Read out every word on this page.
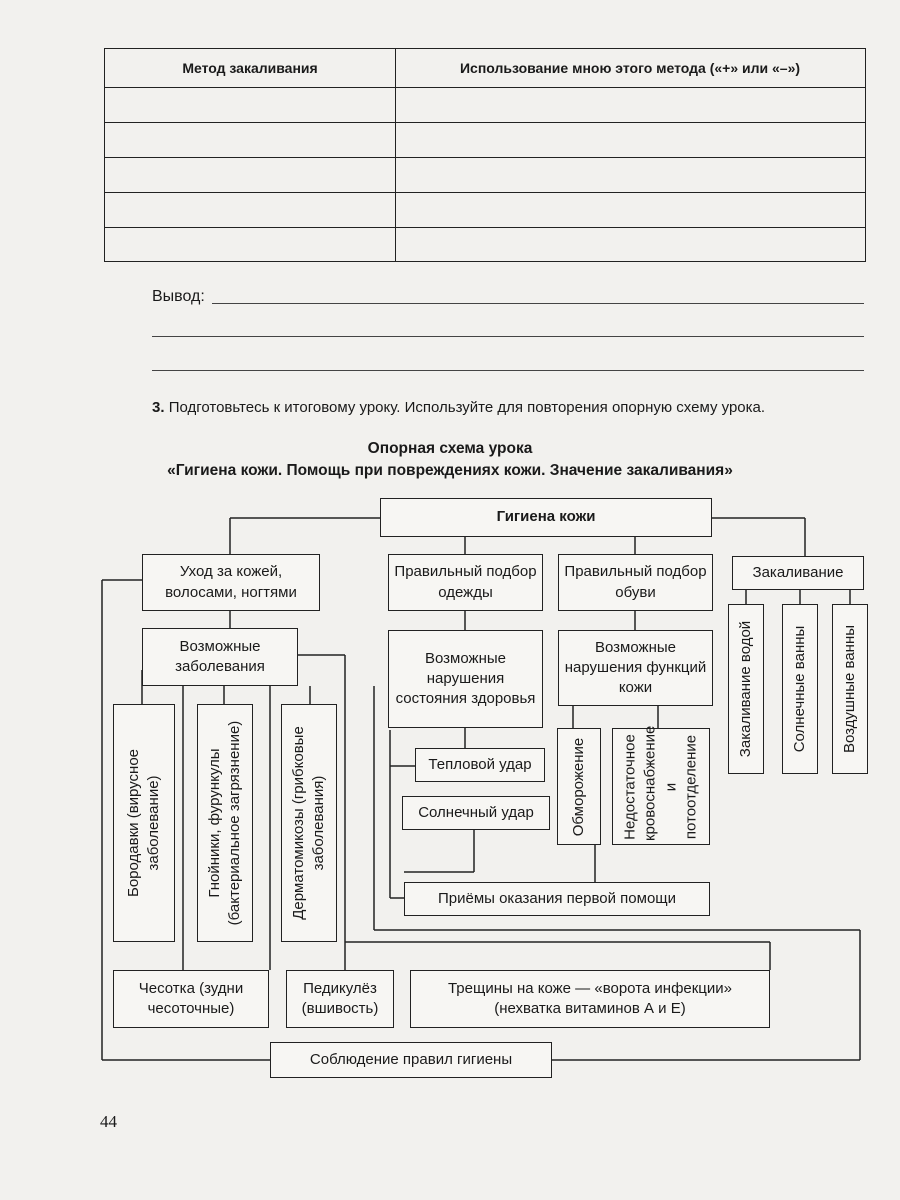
Метод закаливания	Использование мною этого метода («+» или «–»)
Вывод:
3. Подготовьтесь к итоговому уроку. Используйте для повторения опорную схему урока.
Опорная схема урока
«Гигиена кожи. Помощь при повреждениях кожи. Значение закаливания»
Гигиена кожи
Уход за кожей, волосами, ногтями
Возможные заболевания
Бородавки (вирусное заболевание)	Гнойники, фурункулы (бактериальное загрязнение)	Дерматомикозы (грибковые заболевания)
Чесотка (зудни чесоточные)
Педикулёз (вшивость)
Трещины на коже — «ворота инфекции» (нехватка витаминов А и Е)
Соблюдение правил гигиены
Правильный подбор одежды
Возможные нарушения состояния здоровья
Тепловой удар
Солнечный удар
Приёмы оказания первой помощи
Правильный подбор обуви
Возможные нарушения функций кожи
Обморожение Недостаточное кровоснабжение и потоотделение
Закаливание
Закаливание водой Солнечные ванны Воздушные ванны
44
